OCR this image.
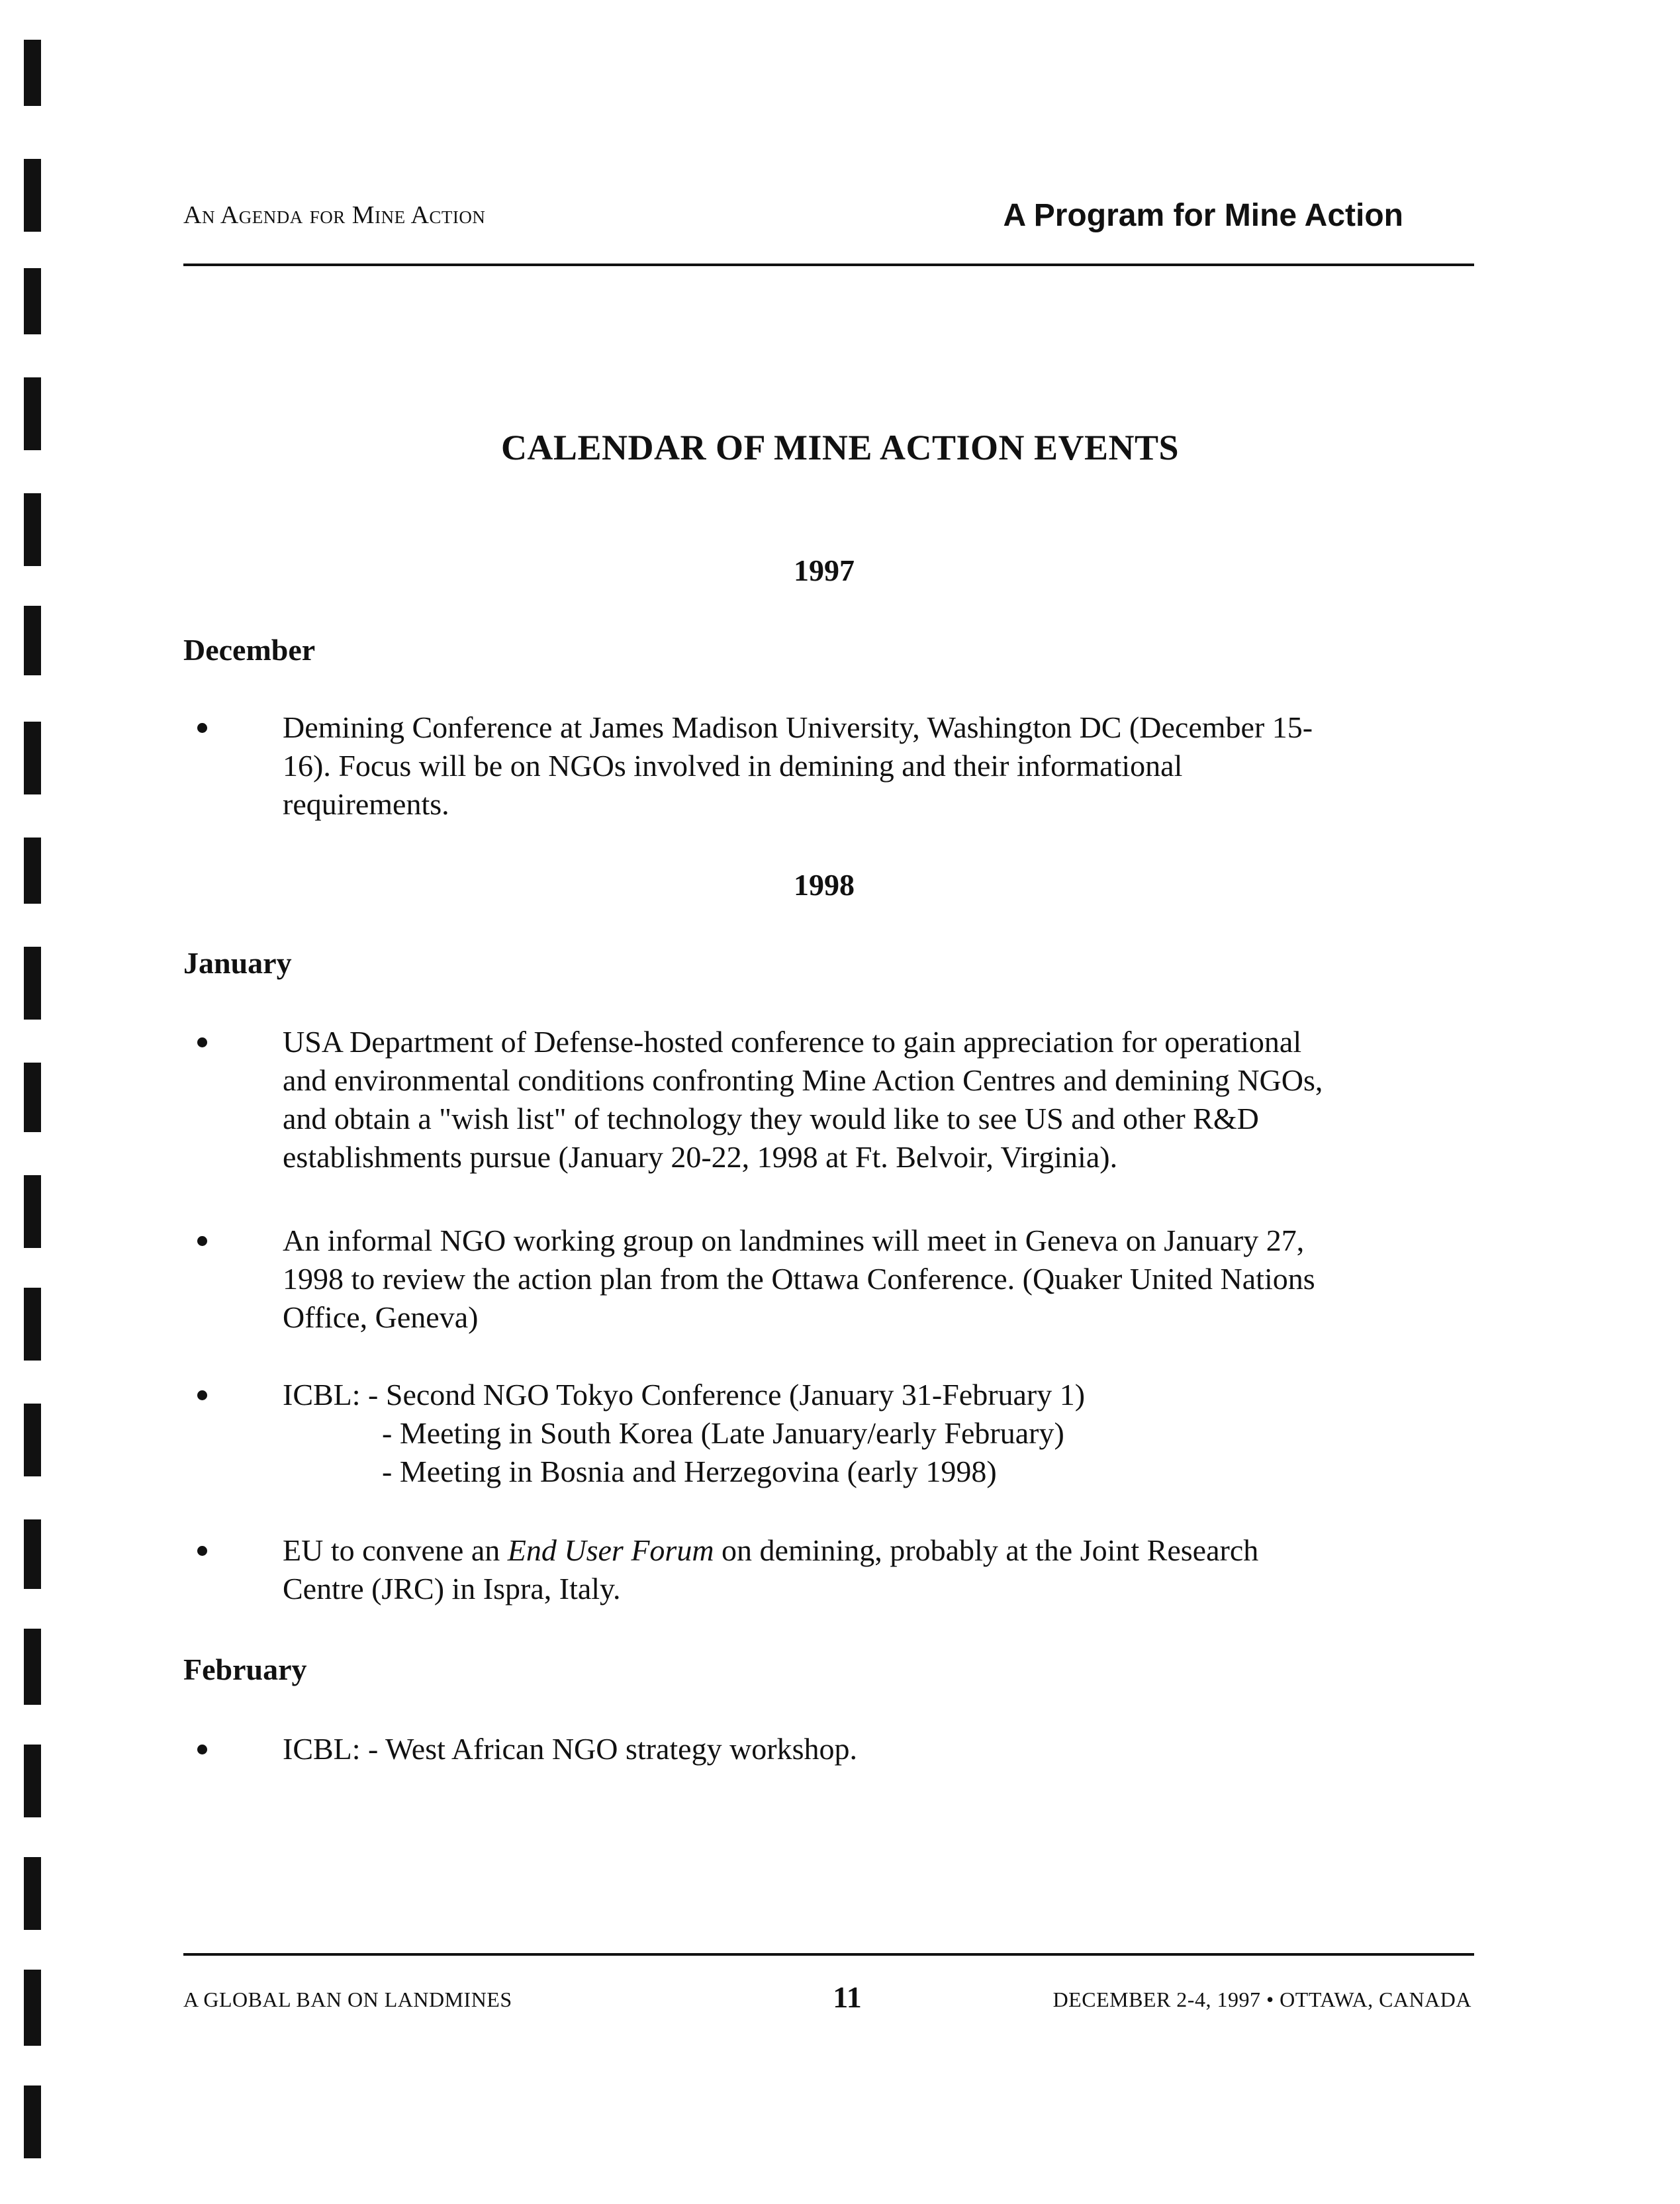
An Agenda for Mine Action	A Program for Mine Action
CALENDAR OF MINE ACTION EVENTS
1997
December
Demining Conference at James Madison University, Washington DC (December 15-
16). Focus will be on NGOs involved in demining and their informational
requirements.
1998
January
USA Department of Defense-hosted conference to gain appreciation for operational
and environmental conditions confronting Mine Action Centres and demining NGOs,
and obtain a "wish list" of technology they would like to see US and other R&D
establishments pursue (January 20-22, 1998 at Ft. Belvoir, Virginia).
An informal NGO working group on landmines will meet in Geneva on January 27,
1998 to review the action plan from the Ottawa Conference. (Quaker United Nations
Office, Geneva)
ICBL: - Second NGO Tokyo Conference (January 31-February 1)
- Meeting in South Korea (Late January/early February)
- Meeting in Bosnia and Herzegovina (early 1998)
EU to convene an End User Forum on demining, probably at the Joint Research
Centre (JRC) in Ispra, Italy.
February
ICBL: - West African NGO strategy workshop.
A GLOBAL BAN ON LANDMINES	11	DECEMBER 2-4, 1997 • OTTAWA, CANADA
